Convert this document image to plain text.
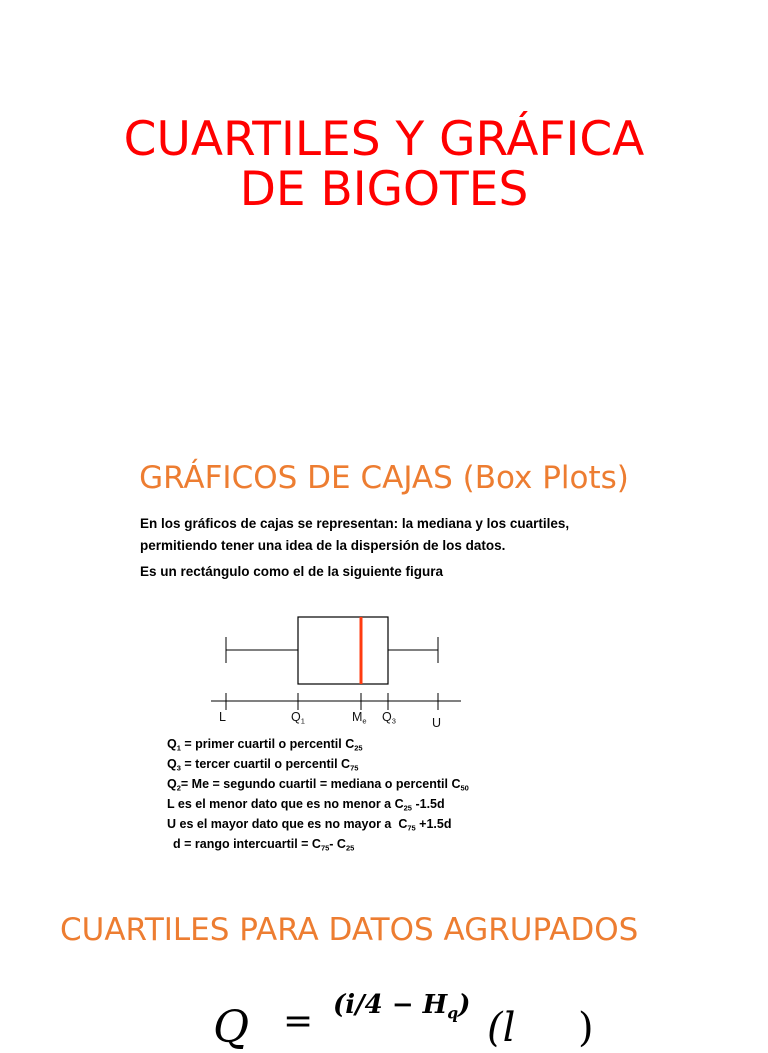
CUARTILES Y GRÁFICA
DE BIGOTES
GRÁFICOS DE CAJAS (Box Plots)
En los gráficos de cajas se representan: la mediana y los cuartiles,
permitiendo tener una idea de la dispersión de los datos.
Es un rectángulo como el de la siguiente figura
L	$Q_1$	$M_e$ $Q_3$	U
$Q_1$ = primer cuartil o percentil $C_{25}$
$Q_3$ = tercer cuartil o percentil $C_{75}$
$Q_2= Me$ = segundo cuartil = mediana o percentil $C_{50}$
L es el menor dato que es no menor a $C_{25}$ -1.5d
U es el mayor dato que es no mayor a  $C_{75} +1.5d$
d = rango intercuartil = $C_{75}-$ $C_{25}$
CUARTILES PARA DATOS AGRUPADOS
$Q = (i/4 - H_q)$ (l )
